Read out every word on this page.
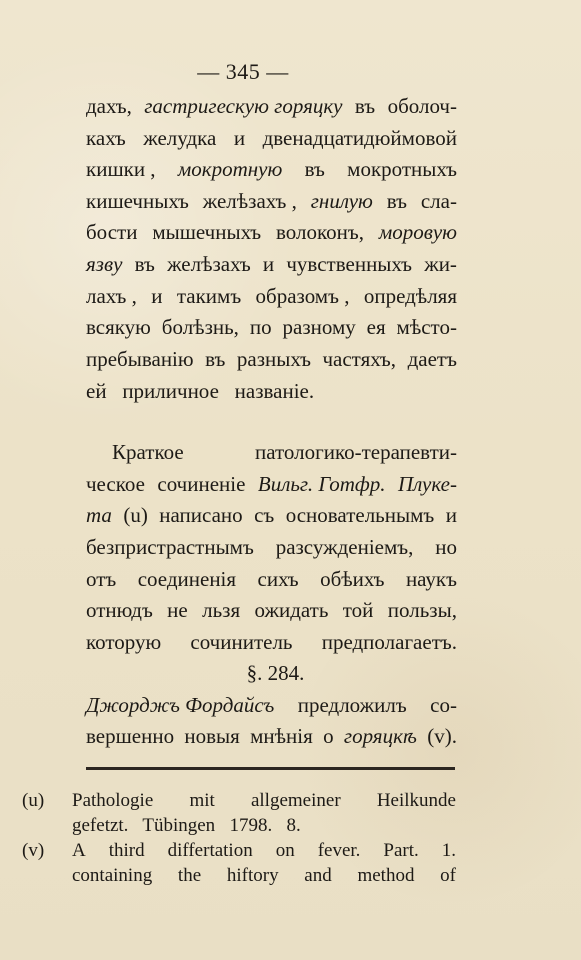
— 345 —
дахъ, гастригескую горяцку въ оболоч-
кахъ желудка и двенадцатидюймовой
кишки , мокротную въ мокротныхъ
кишечныхъ желѣзахъ , гнилую въ сла-
бости мышечныхъ волоконъ, моровую
язву въ желѣзахъ и чувственныхъ жи-
лахъ , и такимъ образомъ , опредѣляя
всякую болѣзнь, по разному ея мѣсто-
пребыванію въ разныхъ частяхъ, даетъ
ей приличное названіе.
Краткое	патологико-терапевти-
ческое сочиненіе Вильг. Готфр. Плуке-
та (u) написано съ основательнымъ и
безпристрастнымъ разсужденіемъ, но
отъ соединенія сихъ обѣихъ наукъ
отнюдъ не льзя ожидать той пользы,
которую сочинитель предполагаетъ.
§. 284.
Джорджъ Фордайсъ предложилъ со-
вершенно новыя мнѣнія о горяцкѣ (v).
(u)	Pathologie mit allgemeiner Heilkunde
gefetzt. Tübingen 1798. 8.
(v)	A third differtation on fever. Part. 1.
containing the hiftory and method of
